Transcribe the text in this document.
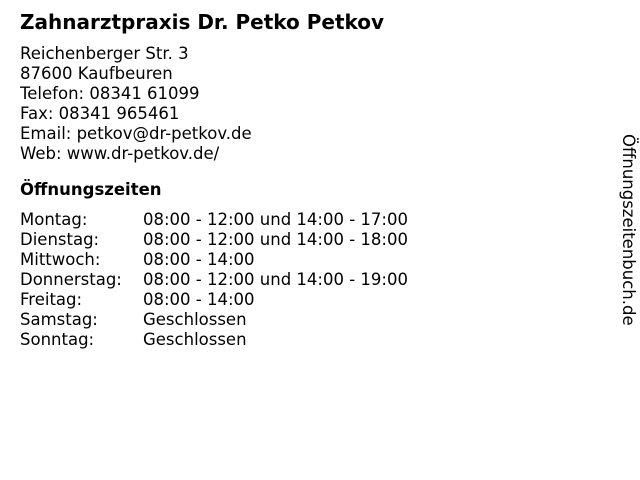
Zahnarztpraxis Dr. Petko Petkov
Reichenberger Str. 3
87600 Kaufbeuren
Telefon: 08341 61099
Fax: 08341 965461
Email: petkov@dr-petkov.de
Web: www.dr-petkov.de/
Öffnungszeiten
Montag:	08:00 - 12:00 und 14:00 - 17:00
Dienstag:	08:00 - 12:00 und 14:00 - 18:00
Mittwoch:	08:00 - 14:00
Donnerstag:	08:00 - 12:00 und 14:00 - 19:00
Freitag:	08:00 - 14:00
Samstag:	Geschlossen
Sonntag:	Geschlossen
Öffnungszeitenbuch.de
